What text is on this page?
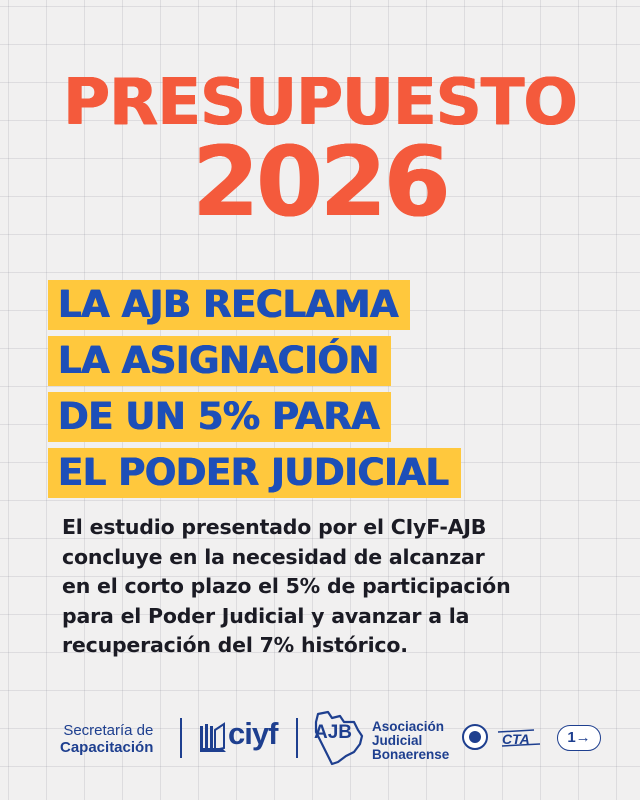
PRESUPUESTO
2026
LA AJB RECLAMA
LA ASIGNACIÓN
DE UN 5% PARA
EL PODER JUDICIAL
El estudio presentado por el CIyF-AJB
concluye en la necesidad de alcanzar
en el corto plazo el 5% de participación
para el Poder Judicial y avanzar a la
recuperación del 7% histórico.
Secretaría de
Capacitación ciyf AJB Asociación
Judicial
Bonaerense
CTA	1→
